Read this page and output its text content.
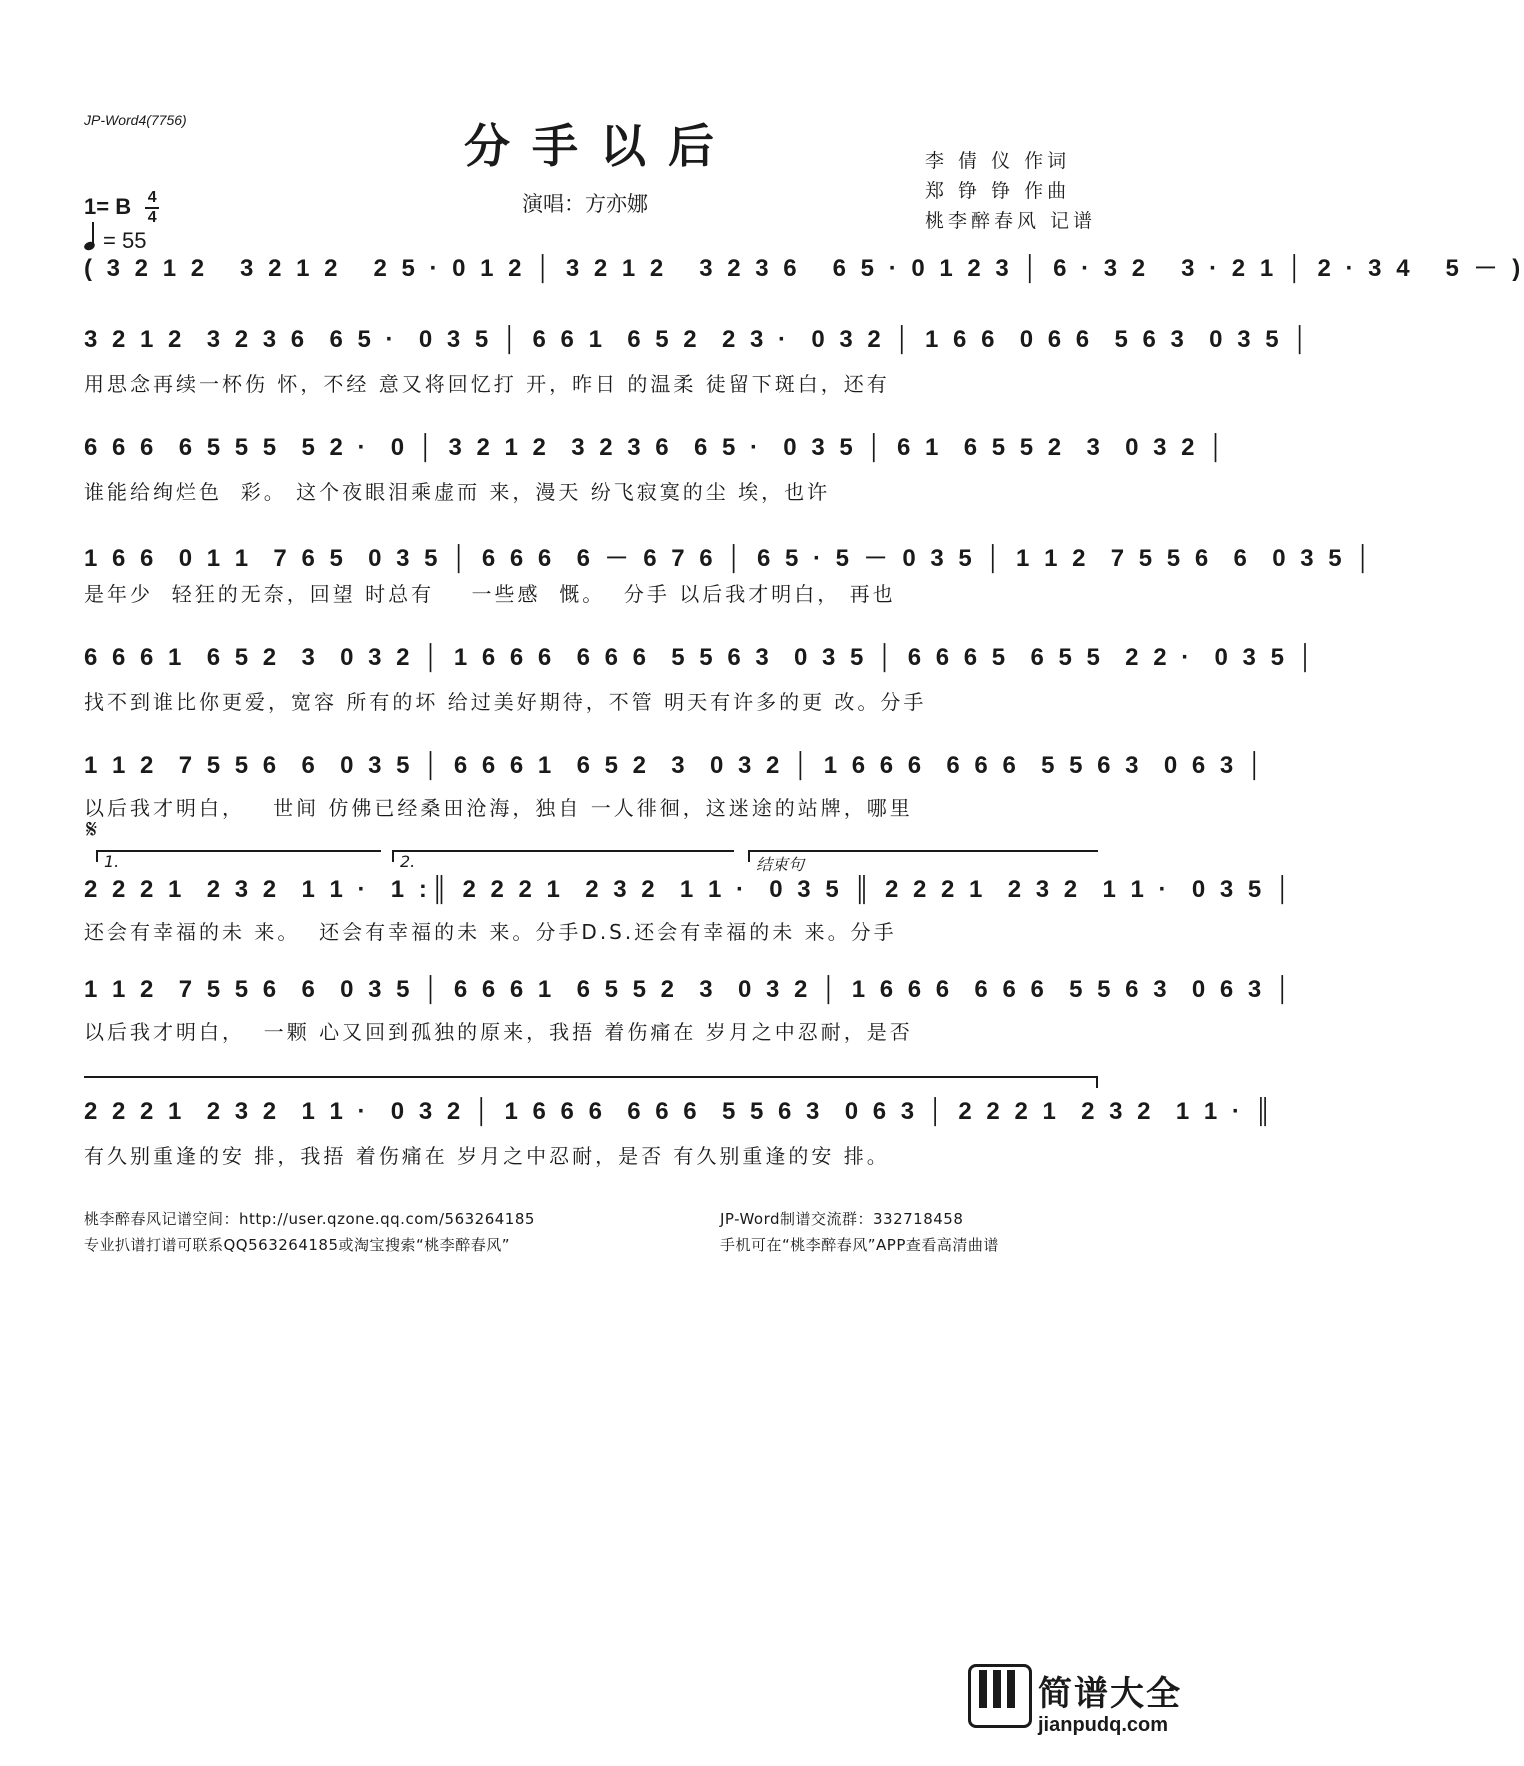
JP-Word4(7756)	分手以后
演唱：方亦娜
李 倩 仪 作词
郑 铮 铮 作曲
桃李醉春风 记谱
1= B $\frac{4}{4}$
= 55
( 3 2 1 2   3 2 1 2   2 5 · 0 1 2 │ 3 2 1 2   3 2 3 6   6 5 · 0 1 2 3 │ 6 · 3 2   3 · 2 1 │ 2 · 3 4   5 － )
3 2 1 2  3 2 3 6  6 5 ·  0 3 5 │ 6 6 1  6 5 2  2 3 ·  0 3 2 │ 1 6 6  0 6 6  5 6 3  0 3 5 │
用思念再续一杯伤 怀，不经 意又将回忆打 开，昨日 的温柔 徒留下斑白，还有
6 6 6  6 5 5 5  5 2 ·  0 │ 3 2 1 2  3 2 3 6  6 5 ·  0 3 5 │ 6 1  6 5 5 2  3  0 3 2 │
谁能给绚烂色  彩。 这个夜眼泪乘虚而 来，漫天 纷飞寂寞的尘 埃，也许
1 6 6  0 1 1  7 6 5  0 3 5 │ 6 6 6  6 － 6 7 6 │ 6 5 · 5 － 0 3 5 │ 1 1 2  7 5 5 6  6  0 3 5 │
是年少  轻狂的无奈，回望 时总有    一些感  慨。  分手 以后我才明白， 再也
6 6 6 1  6 5 2  3  0 3 2 │ 1 6 6 6  6 6 6  5 5 6 3  0 3 5 │ 6 6 6 5  6 5 5  2 2 ·  0 3 5 │
找不到谁比你更爱，宽容 所有的坏 给过美好期待，不管 明天有许多的更 改。分手
𝄋
1 1 2  7 5 5 6  6  0 3 5 │ 6 6 6 1  6 5 2  3  0 3 2 │ 1 6 6 6  6 6 6  5 5 6 3  0 6 3 │
以后我才明白，   世间 仿佛已经桑田沧海，独自 一人徘徊，这迷途的站牌，哪里
1.	2.	结束句
2 2 2 1  2 3 2  1 1 ·  1 :║ 2 2 2 1  2 3 2  1 1 ·  0 3 5 ║ 2 2 2 1  2 3 2  1 1 ·  0 3 5 │
还会有幸福的未 来。  还会有幸福的未 来。分手D.S.还会有幸福的未 来。分手
1 1 2  7 5 5 6  6  0 3 5 │ 6 6 6 1  6 5 5 2  3  0 3 2 │ 1 6 6 6  6 6 6  5 5 6 3  0 6 3 │
以后我才明白，  一颗 心又回到孤独的原来，我捂 着伤痛在 岁月之中忍耐，是否
2 2 2 1  2 3 2  1 1 ·  0 3 2 │ 1 6 6 6  6 6 6  5 5 6 3  0 6 3 │ 2 2 2 1  2 3 2  1 1 · ║
有久别重逢的安 排，我捂 着伤痛在 岁月之中忍耐，是否 有久别重逢的安 排。
桃李醉春风记谱空间：http://user.qzone.qq.com/563264185
专业扒谱打谱可联系QQ563264185或淘宝搜索“桃李醉春风”
JP-Word制谱交流群：332718458
手机可在“桃李醉春风”APP查看高清曲谱
简谱大全
jianpudq.com
